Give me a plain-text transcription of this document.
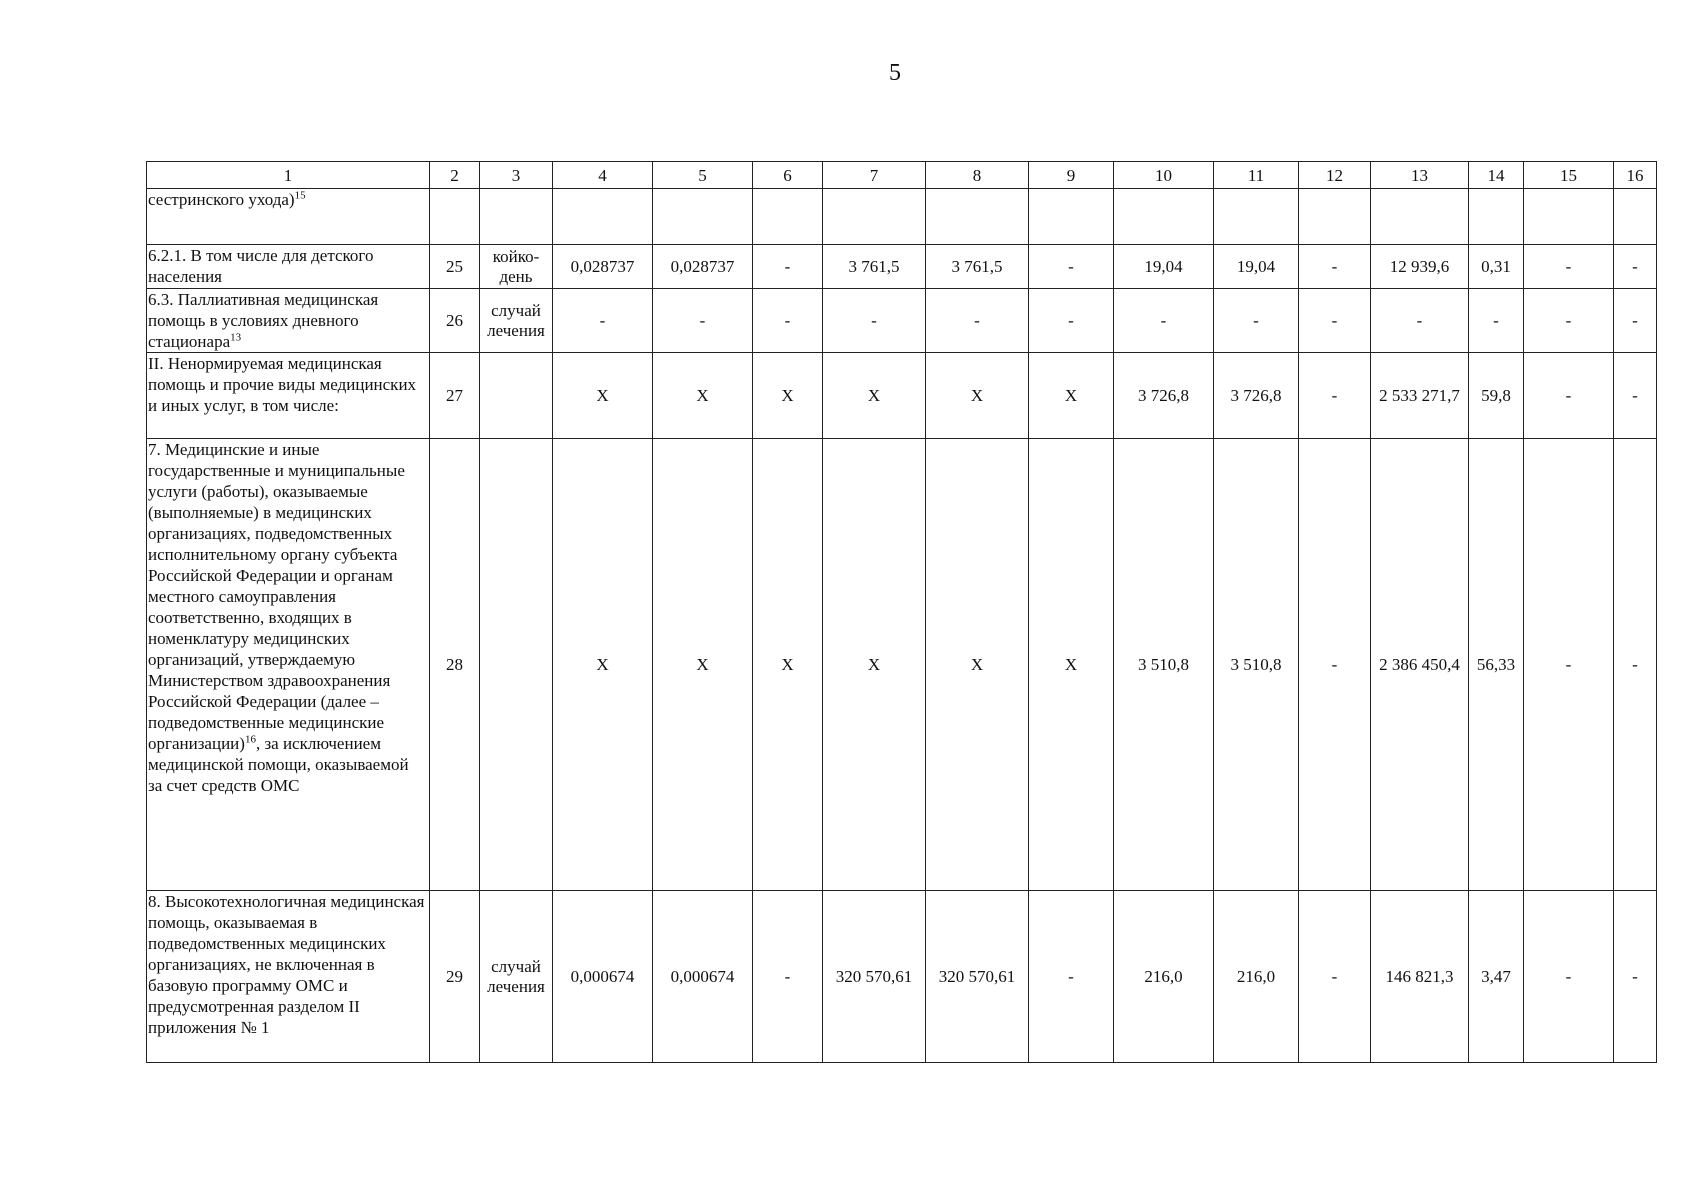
5
1	2	3	4	5	6	7	8	9	10	11	12	13	14	15	16
сестринского ухода)$^{15}$															
6.2.1. В том числе для детского населения	25	койко-день	0,028737	0,028737	-	3 761,5	3 761,5	-	19,04	19,04	-	12 939,6	0,31	-	-
6.3. Паллиативная медицинская помощь в условиях дневного стационара$^{13}$	26	случай лечения	-	-	-	-	-	-	-	-	-	-	-	-	-
II. Ненормируемая медицинская помощь и прочие виды медицинских и иных услуг, в том числе:	27		Х	Х	Х	Х	Х	Х	3 726,8	3 726,8	-	2 533 271,7	59,8	-	-
7. Медицинские и иные государственные и муниципальные услуги (работы), оказываемые (выполняемые) в медицинских организациях, подведомственных исполнительному органу субъекта Российской Федерации и органам местного самоуправления соответственно, входящих в номенклатуру медицинских организаций, утверждаемую Министерством здравоохранения Российской Федерации (далее – подведомственные медицинские организации)$^{16}$, за исключением медицинской помощи, оказываемой за счет средств ОМС	28		Х	Х	Х	Х	Х	Х	3 510,8	3 510,8	-	2 386 450,4	56,33	-	-
8. Высокотехнологичная медицинская помощь, оказываемая в подведомственных медицинских организациях, не включенная в базовую программу ОМС и предусмотренная разделом II приложения № 1	29	случай лечения	0,000674	0,000674	-	320 570,61	320 570,61	-	216,0	216,0	-	146 821,3	3,47	-	-
